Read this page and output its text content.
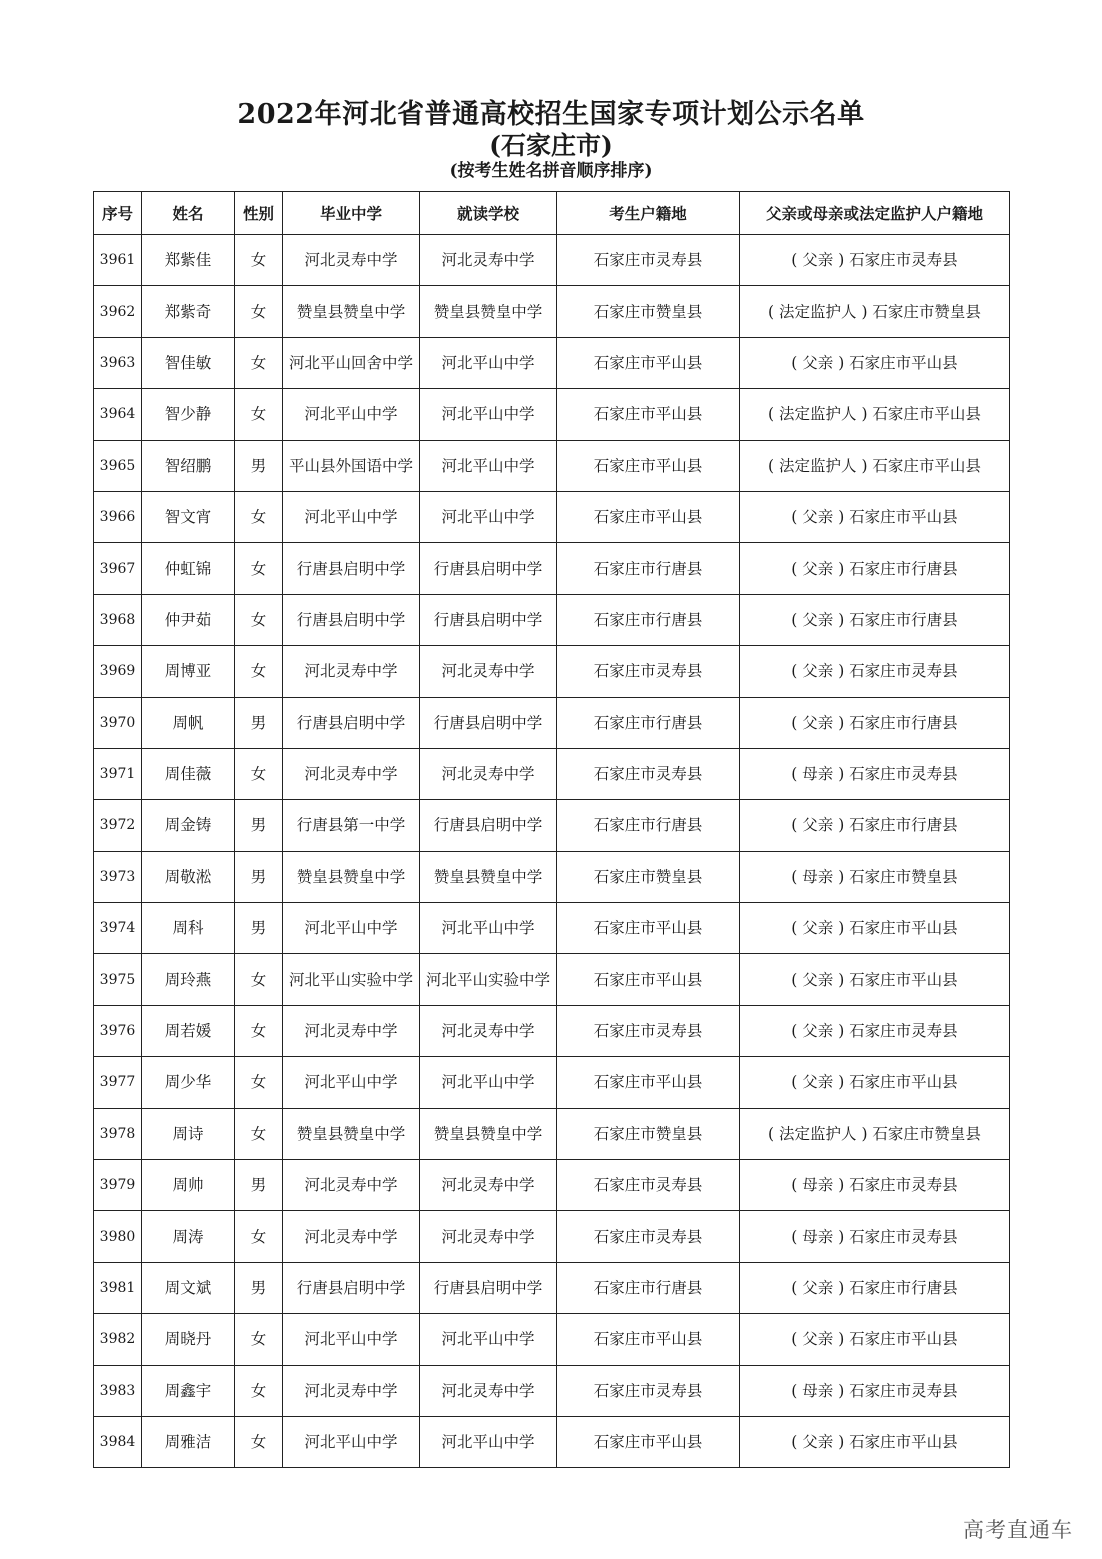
2022年河北省普通高校招生国家专项计划公示名单
(石家庄市)
(按考生姓名拼音顺序排序)
序号	姓名	性别	毕业中学	就读学校	考生户籍地	父亲或母亲或法定监护人户籍地
3961	郑紫佳	女	河北灵寿中学	河北灵寿中学	石家庄市灵寿县	( 父亲 ) 石家庄市灵寿县
3962	郑紫奇	女	赞皇县赞皇中学	赞皇县赞皇中学	石家庄市赞皇县	( 法定监护人 ) 石家庄市赞皇县
3963	智佳敏	女	河北平山回舍中学	河北平山中学	石家庄市平山县	( 父亲 ) 石家庄市平山县
3964	智少静	女	河北平山中学	河北平山中学	石家庄市平山县	( 法定监护人 ) 石家庄市平山县
3965	智绍鹏	男	平山县外国语中学	河北平山中学	石家庄市平山县	( 法定监护人 ) 石家庄市平山县
3966	智文宵	女	河北平山中学	河北平山中学	石家庄市平山县	( 父亲 ) 石家庄市平山县
3967	仲虹锦	女	行唐县启明中学	行唐县启明中学	石家庄市行唐县	( 父亲 ) 石家庄市行唐县
3968	仲尹茹	女	行唐县启明中学	行唐县启明中学	石家庄市行唐县	( 父亲 ) 石家庄市行唐县
3969	周博亚	女	河北灵寿中学	河北灵寿中学	石家庄市灵寿县	( 父亲 ) 石家庄市灵寿县
3970	周帆	男	行唐县启明中学	行唐县启明中学	石家庄市行唐县	( 父亲 ) 石家庄市行唐县
3971	周佳薇	女	河北灵寿中学	河北灵寿中学	石家庄市灵寿县	( 母亲 ) 石家庄市灵寿县
3972	周金铸	男	行唐县第一中学	行唐县启明中学	石家庄市行唐县	( 父亲 ) 石家庄市行唐县
3973	周敬淞	男	赞皇县赞皇中学	赞皇县赞皇中学	石家庄市赞皇县	( 母亲 ) 石家庄市赞皇县
3974	周科	男	河北平山中学	河北平山中学	石家庄市平山县	( 父亲 ) 石家庄市平山县
3975	周玲燕	女	河北平山实验中学	河北平山实验中学	石家庄市平山县	( 父亲 ) 石家庄市平山县
3976	周若媛	女	河北灵寿中学	河北灵寿中学	石家庄市灵寿县	( 父亲 ) 石家庄市灵寿县
3977	周少华	女	河北平山中学	河北平山中学	石家庄市平山县	( 父亲 ) 石家庄市平山县
3978	周诗	女	赞皇县赞皇中学	赞皇县赞皇中学	石家庄市赞皇县	( 法定监护人 ) 石家庄市赞皇县
3979	周帅	男	河北灵寿中学	河北灵寿中学	石家庄市灵寿县	( 母亲 ) 石家庄市灵寿县
3980	周涛	女	河北灵寿中学	河北灵寿中学	石家庄市灵寿县	( 母亲 ) 石家庄市灵寿县
3981	周文斌	男	行唐县启明中学	行唐县启明中学	石家庄市行唐县	( 父亲 ) 石家庄市行唐县
3982	周晓丹	女	河北平山中学	河北平山中学	石家庄市平山县	( 父亲 ) 石家庄市平山县
3983	周鑫宇	女	河北灵寿中学	河北灵寿中学	石家庄市灵寿县	( 母亲 ) 石家庄市灵寿县
3984	周雅洁	女	河北平山中学	河北平山中学	石家庄市平山县	( 父亲 ) 石家庄市平山县
高考直通车
